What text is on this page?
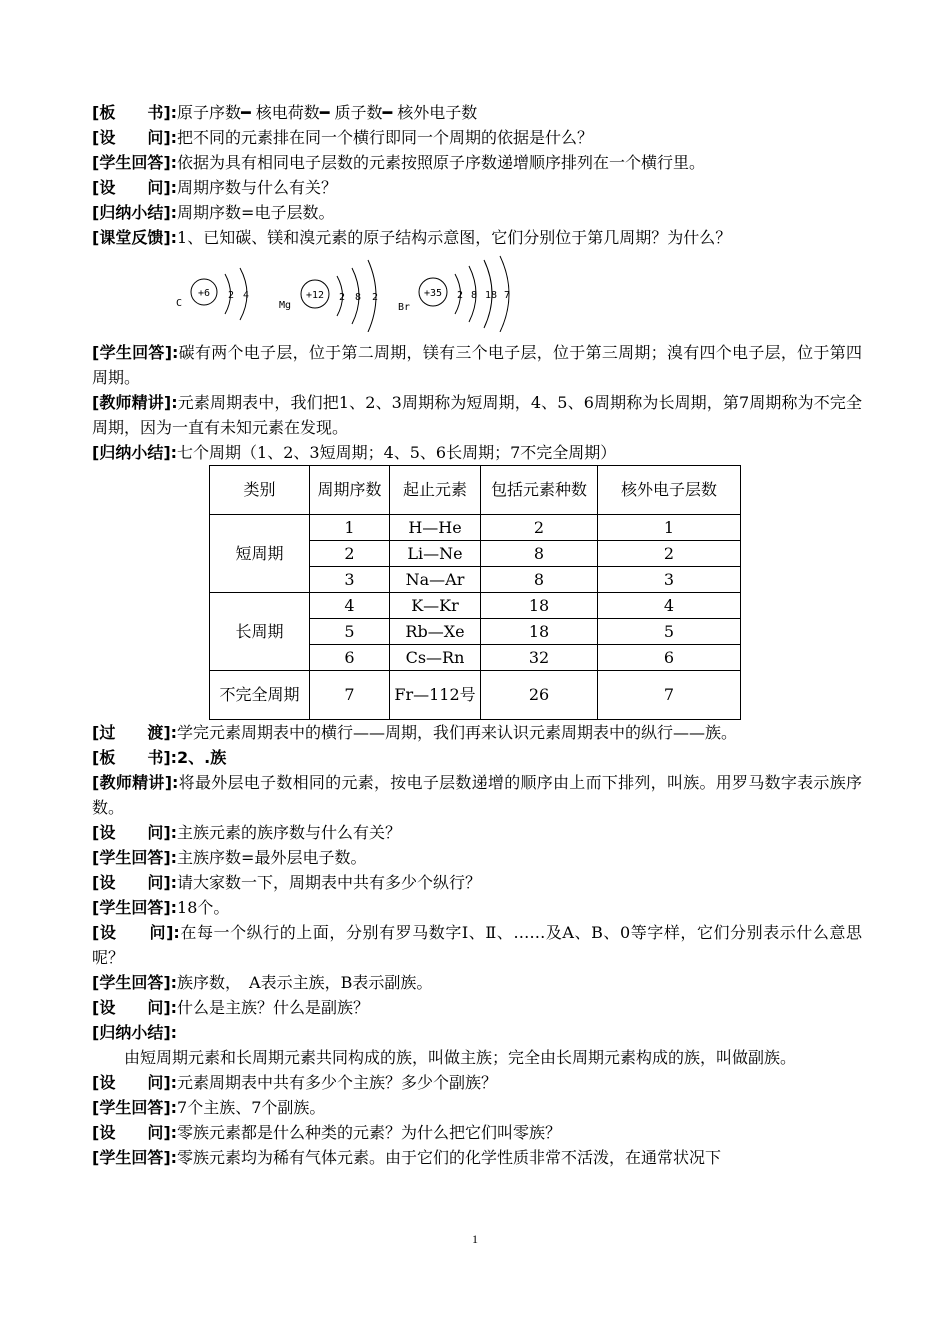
[板　　书]:原子序数━ 核电荷数━ 质子数━ 核外电子数
[设　　问]:把不同的元素排在同一个横行即同一个周期的依据是什么？
[学生回答]:依据为具有相同电子层数的元素按照原子序数递增顺序排列在一个横行里。
[设　　问]:周期序数与什么有关？
[归纳小结]:周期序数=电子层数。
[课堂反馈]:1、已知碳、镁和溴元素的原子结构示意图，它们分别位于第几周期？为什么？
C
+6 2 4
Mg
+12 2 8 2
Br
+35 2 8 18 7
[学生回答]:碳有两个电子层，位于第二周期，镁有三个电子层，位于第三周期；溴有四个电子层，位于第四周期。
[教师精讲]:元素周期表中，我们把1、2、3周期称为短周期，4、5、6周期称为长周期，第7周期称为不完全周期，因为一直有未知元素在发现。
[归纳小结]:七个周期（1、2、3短周期；4、5、6长周期；7不完全周期）
类别	周期序数	起止元素	包括元素种数	核外电子层数
短周期	1	H—He	2	1
	2	Li—Ne	8	2
	3	Na—Ar	8	3
长周期	4	K—Kr	18	4
	5	Rb—Xe	18	5
	6	Cs—Rn	32	6
不完全周期	7	Fr—112号	26	7
[过　　渡]:学完元素周期表中的横行——周期，我们再来认识元素周期表中的纵行——族。
[板　　书]:2、.族
[教师精讲]:将最外层电子数相同的元素，按电子层数递增的顺序由上而下排列，叫族。用罗马数字表示族序数。
[设　　问]:主族元素的族序数与什么有关？
[学生回答]:主族序数=最外层电子数。
[设　　问]:请大家数一下，周期表中共有多少个纵行？
[学生回答]:18个。
[设　　问]:在每一个纵行的上面，分别有罗马数字Ⅰ、Ⅱ、……及A、B、0等字样，它们分别表示什么意思呢？
[学生回答]:族序数，　A表示主族，B表示副族。
[设　　问]:什么是主族？什么是副族？
[归纳小结]:
由短周期元素和长周期元素共同构成的族，叫做主族；完全由长周期元素构成的族，叫做副族。
[设　　问]:元素周期表中共有多少个主族？多少个副族？
[学生回答]:7个主族、7个副族。
[设　　问]:零族元素都是什么种类的元素？为什么把它们叫零族？
[学生回答]:零族元素均为稀有气体元素。由于它们的化学性质非常不活泼，在通常状况下
1
